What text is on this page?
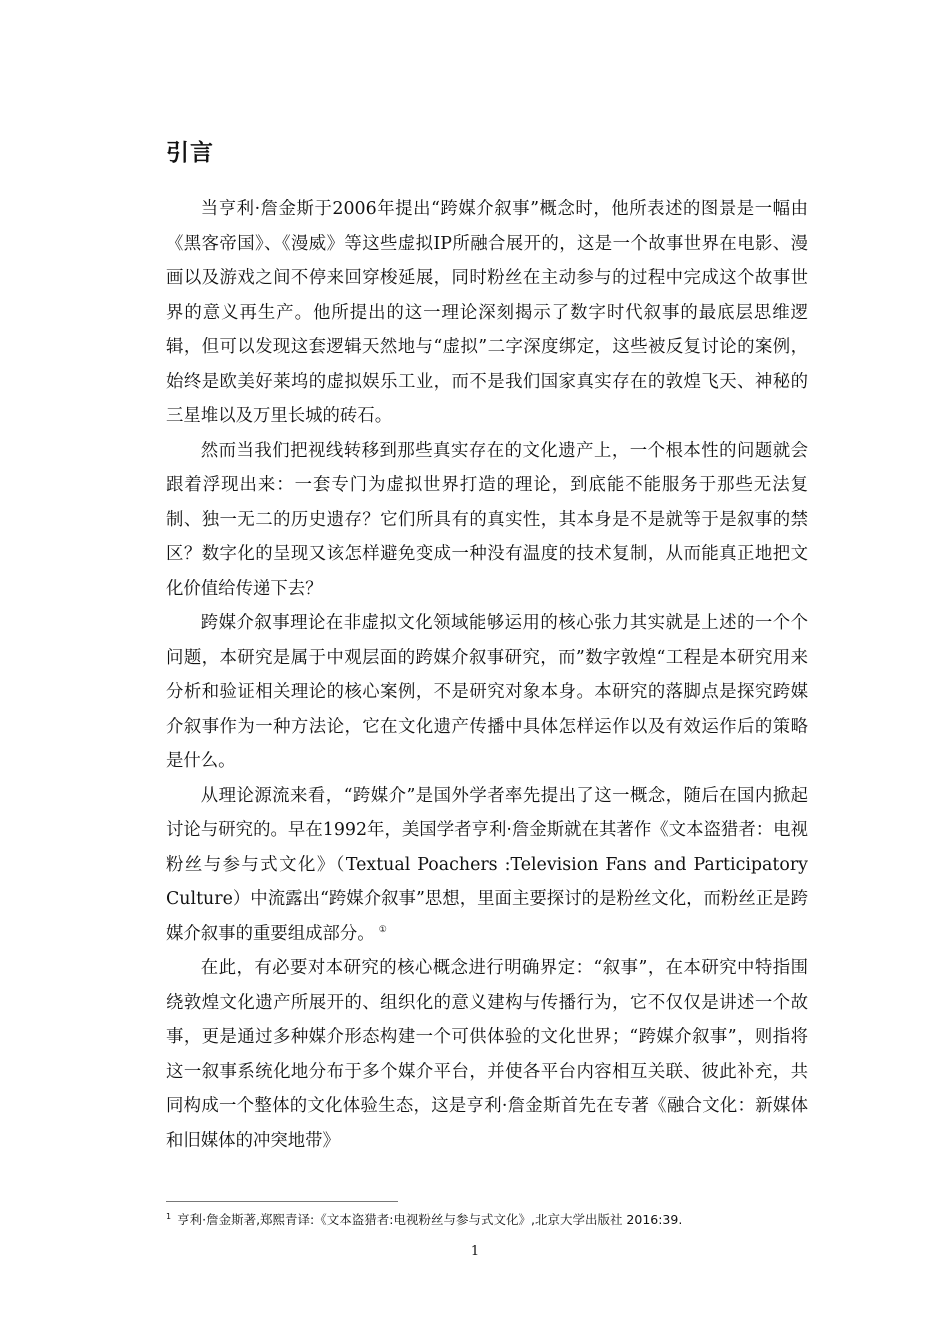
引言

当亨利·詹金斯于2006年提出“跨媒介叙事”概念时，他所表述的图景是一幅由《黑客帝国》、《漫威》等这些虚拟IP所融合展开的，这是一个故事世界在电影、漫画以及游戏之间不停来回穿梭延展，同时粉丝在主动参与的过程中完成这个故事世界的意义再生产。他所提出的这一理论深刻揭示了数字时代叙事的最底层思维逻辑，但可以发现这套逻辑天然地与“虚拟”二字深度绑定，这些被反复讨论的案例，始终是欧美好莱坞的虚拟娱乐工业，而不是我们国家真实存在的敦煌飞天、神秘的三星堆以及万里长城的砖石。

然而当我们把视线转移到那些真实存在的文化遗产上，一个根本性的问题就会跟着浮现出来：一套专门为虚拟世界打造的理论，到底能不能服务于那些无法复制、独一无二的历史遗存？它们所具有的真实性，其本身是不是就等于是叙事的禁区？数字化的呈现又该怎样避免变成一种没有温度的技术复制，从而能真正地把文化价值给传递下去？

跨媒介叙事理论在非虚拟文化领域能够运用的核心张力其实就是上述的一个个问题，本研究是属于中观层面的跨媒介叙事研究，而”数字敦煌“工程是本研究用来分析和验证相关理论的核心案例，不是研究对象本身。本研究的落脚点是探究跨媒介叙事作为一种方法论，它在文化遗产传播中具体怎样运作以及有效运作后的策略是什么。

从理论源流来看，“跨媒介”是国外学者率先提出了这一概念，随后在国内掀起讨论与研究的。早在1992年，美国学者亨利·詹金斯就在其著作《文本盗猎者：电视粉丝与参与式文化》（Textual Poachers :Television Fans and Participatory Culture）中流露出“跨媒介叙事”思想，里面主要探讨的是粉丝文化，而粉丝正是跨媒介叙事的重要组成部分。 ①

在此，有必要对本研究的核心概念进行明确界定：“叙事”，在本研究中特指围绕敦煌文化遗产所展开的、组织化的意义建构与传播行为，它不仅仅是讲述一个故事，更是通过多种媒介形态构建一个可供体验的文化世界；“跨媒介叙事”，则指将这一叙事系统化地分布于多个媒介平台，并使各平台内容相互关联、彼此补充，共同构成一个整体的文化体验生态，这是亨利·詹金斯首先在专著《融合文化：新媒体和旧媒体的冲突地带》

$^1$ 亨利·詹金斯著,郑熙青译:《文本盗猎者:电视粉丝与参与式文化》,北京大学出版社 2016:39.
1
